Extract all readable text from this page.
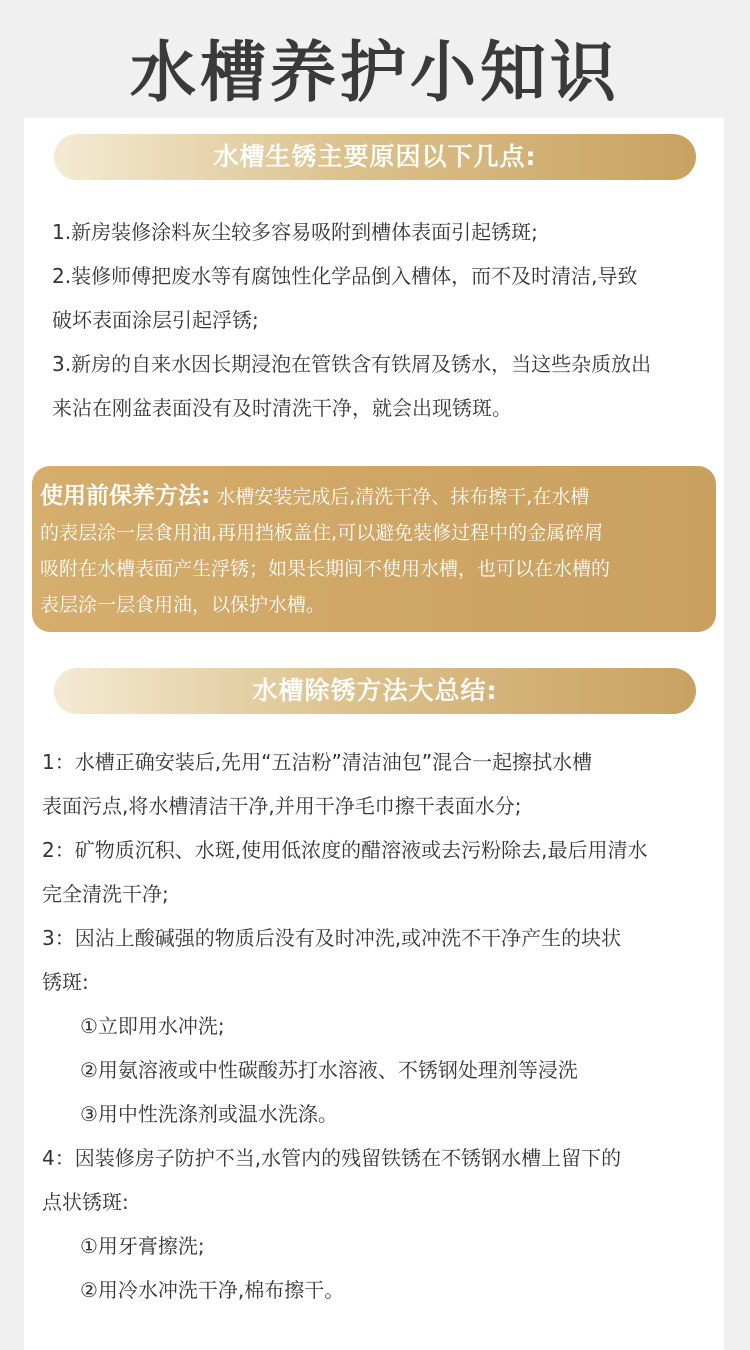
水槽养护小知识
水槽生锈主要原因以下几点:
1.新房装修涂料灰尘较多容易吸附到槽体表面引起锈斑;
2.装修师傅把废水等有腐蚀性化学品倒入槽体，而不及时清洁,导致
破坏表面涂层引起浮锈;
3.新房的自来水因长期浸泡在管铁含有铁屑及锈水，当这些杂质放出
来沾在刚盆表面没有及时清洗干净，就会出现锈斑。
使用前保养方法: 水槽安装完成后,清洗干净、抹布擦干,在水槽
的表层涂一层食用油,再用挡板盖住,可以避免装修过程中的金属碎屑
吸附在水槽表面产生浮锈；如果长期间不使用水槽，也可以在水槽的
表层涂一层食用油，以保护水槽。
水槽除锈方法大总结:
1：水槽正确安装后,先用“五洁粉”清洁油包”混合一起擦拭水槽
表面污点,将水槽清洁干净,并用干净毛巾擦干表面水分;
2：矿物质沉积、水斑,使用低浓度的醋溶液或去污粉除去,最后用清水
完全清洗干净;
3：因沾上酸碱强的物质后没有及时冲洗,或冲洗不干净产生的块状
锈斑:
①立即用水冲洗;
②用氨溶液或中性碳酸苏打水溶液、不锈钢处理剂等浸洗
③用中性洗涤剂或温水洗涤。
4：因装修房子防护不当,水管内的残留铁锈在不锈钢水槽上留下的
点状锈斑:
①用牙膏擦洗;
②用冷水冲洗干净,棉布擦干。
